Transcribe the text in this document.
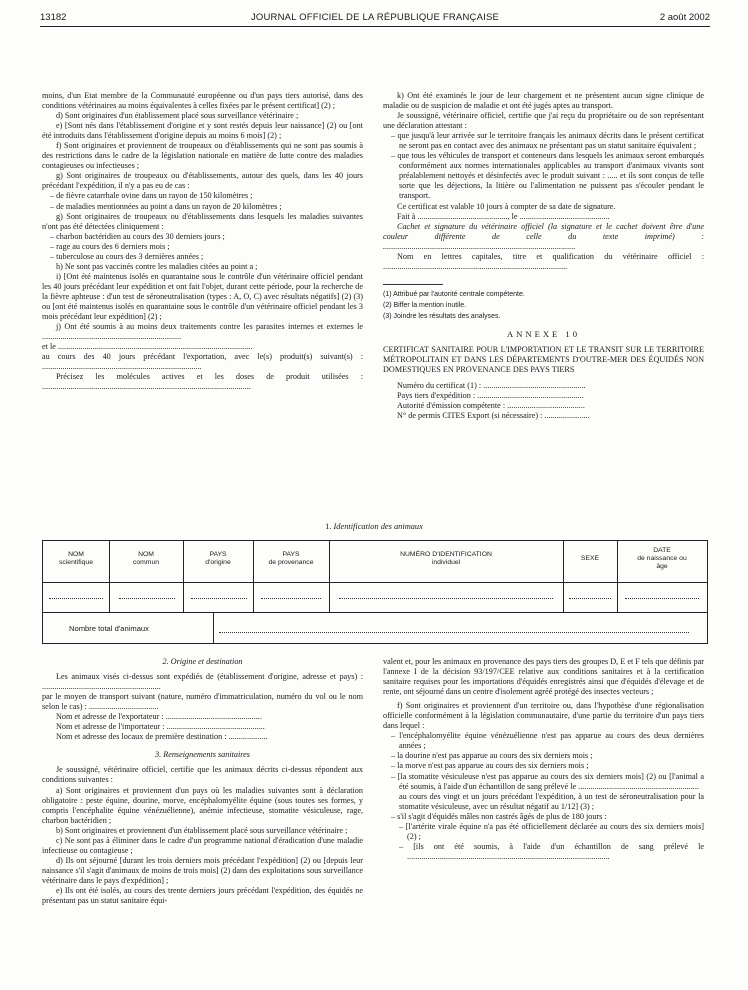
13182	JOURNAL OFFICIEL DE LA RÉPUBLIQUE FRANÇAISE	2 août 2002

moins, d'un Etat membre de la Communauté européenne ou d'un pays tiers autorisé, dans des conditions vétérinaires au moins équivalentes à celles fixées par le présent certificat] (2) ;

d) Sont originaires d'un établissement placé sous surveillance vétérinaire ;

e) [Sont nés dans l'établissement d'origine et y sont restés depuis leur naissance] (2) ou [ont été introduits dans l'établissement d'origine depuis au moins 6 mois] (2) ;

f) Sont originaires et proviennent de troupeaux ou d'établissements qui ne sont pas soumis à des restrictions dans le cadre de la législation nationale en matière de lutte contre des maladies contagieuses ou infectieuses ;

g) Sont originaires de troupeaux ou d'établissements, autour des quels, dans les 40 jours précédant l'expédition, il n'y a pas eu de cas :

– de fièvre catarrhale ovine dans un rayon de 150 kilomètres ;

– de maladies mentionnées au point a dans un rayon de 20 kilomètres ;

g) Sont originaires de troupeaux ou d'établissements dans lesquels les maladies suivantes n'ont pas été détectées cliniquement :

– charbon bactéridien au cours des 30 derniers jours ;

– rage au cours des 6 derniers mois ;

– tuberculose au cours des 3 dernières années ;

h) Ne sont pas vaccinés contre les maladies citées au point a ;

i) [Ont été maintenus isolés en quarantaine sous le contrôle d'un vétérinaire officiel pendant les 40 jours précédant leur expédition et ont fait l'objet, durant cette période, pour la recherche de la fièvre aphteuse : d'un test de séroneutralisation (types : A, O, C) avec résultats négatifs] (2) (3) ou [ont été maintenus isolés en quarantaine sous le contrôle d'un vétérinaire officiel pendant les 3 mois précédant leur expédition] (2) ;

j) Ont été soumis à au moins deux traitements contre les parasites internes et externes le ....................................................................

et le ...............................................................................................

au cours des 40 jours précédant l'exportation, avec le(s) produit(s) suivant(s) : ..............................................................................

Précisez les molécules actives et les doses de produit utilisées : ......................................................................................................

k) Ont été examinés le jour de leur chargement et ne présentent aucun signe clinique de maladie ou de suspicion de maladie et ont été jugés aptes au transport.

Je soussigné, vétérinaire officiel, certifie que j'ai reçu du propriétaire ou de son représentant une déclaration attestant :

– que jusqu'à leur arrivée sur le territoire français les animaux décrits dans le présent certificat ne seront pas en contact avec des animaux ne présentant pas un statut sanitaire équivalent ;

– que tous les véhicules de transport et conteneurs dans lesquels les animaux seront embarqués conformément aux normes internationales applicables au transport d'animaux vivants sont préalablement nettoyés et désinfectés avec le produit suivant : ..... et ils sont conçus de telle sorte que les déjections, la litière ou l'alimentation ne puissent pas s'écouler pendant le transport.

Ce certificat est valable 10 jours à compter de sa date de signature.

Fait à ............................................, le ............................................

Cachet et signature du vétérinaire officiel (la signature et le cachet doivent être d'une couleur différente de celle du texte imprimé) : ..............................................................................................

Nom en lettres capitales, titre et qualification du vétérinaire officiel : ..........................................................................................

(1) Attribué par l'autorité centrale compétente.

(2) Biffer la mention inutile.

(3) Joindre les résultats des analyses.

ANNEXE 10

CERTIFICAT SANITAIRE POUR L'IMPORTATION ET LE TRANSIT SUR LE TERRITOIRE MÉTROPOLITAIN ET DANS LES DÉPARTEMENTS D'OUTRE-MER DES ÉQUIDÉS NON DOMESTIQUES EN PROVENANCE DES PAYS TIERS

Numéro du certificat (1) : ..................................................

Pays tiers d'expédition : ....................................................

Autorité d'émission compétente : ......................................

N° de permis CITES Export (si nécessaire) : ......................

1. Identification des animaux
NOM
scientifique
NOM
commun
PAYS
d'origine
PAYS
de provenance
NUMÉRO D'IDENTIFICATION
individuel
SEXE
DATE
de naissance ou âge
Nombre total d'animaux

2. Origine et destination

Les animaux visés ci-dessus sont expédiés de (établissement d'origine, adresse et pays) : ..........................................................

par le moyen de transport suivant (nature, numéro d'immatriculation, numéro du vol ou le nom selon le cas) : ..................................

Nom et adresse de l'exportateur : ...............................................

Nom et adresse de l'importateur : ................................................

Nom et adresse des locaux de première destination : ...................

3. Renseignements sanitaires

Je soussigné, vétérinaire officiel, certifie que les animaux décrits ci-dessus répondent aux conditions suivantes :

a) Sont originaires et proviennent d'un pays où les maladies suivantes sont à déclaration obligatoire : peste équine, dourine, morve, encéphalomyélite équine (sous toutes ses formes, y compris l'encéphalite équine vénézuélienne), anémie infectieuse, stomatite vésiculeuse, rage, charbon bactéridien ;

b) Sont originaires et proviennent d'un établissement placé sous surveillance vétérinaire ;

c) Ne sont pas à éliminer dans le cadre d'un programme national d'éradication d'une maladie infectieuse ou contagieuse ;

d) Ils ont séjourné [durant les trois derniers mois précédant l'expédition] (2) ou [depuis leur naissance s'il s'agit d'animaux de moins de trois mois] (2) dans des exploitations sous surveillance vétérinaire dans le pays d'expédition] ;

e) Ils ont été isolés, au cours des trente derniers jours précédant l'expédition, des équidés ne présentant pas un statut sanitaire équi-

valent et, pour les animaux en provenance des pays tiers des groupes D, E et F tels que définis par l'annexe I de la décision 93/197/CEE relative aux conditions sanitaires et à la certification sanitaire requises pour les importations d'équidés enregistrés ainsi que d'équidés d'élevage et de rente, ont séjourné dans un centre d'isolement agréé protégé des insectes vecteurs ;

f) Sont originaires et proviennent d'un territoire ou, dans l'hypothèse d'une régionalisation officielle conformément à la législation communautaire, d'une partie du territoire d'un pays tiers dans lequel :

– l'encéphalomyélite équine vénézuélienne n'est pas apparue au cours des deux dernières années ;

– la dourine n'est pas apparue au cours des six derniers mois ;

– la morve n'est pas apparue au cours des six derniers mois ;

– [la stomatite vésiculeuse n'est pas apparue au cours des six derniers mois] (2) ou [l'animal a été soumis, à l'aide d'un échantillon de sang prélevé le ...........................................................

au cours des vingt et un jours précédant l'expédition, à un test de séroneutralisation pour la stomatite vésiculeuse, avec un résultat négatif au 1/12] (3) ;

– s'il s'agit d'équidés mâles non castrés âgés de plus de 180 jours :

– [l'artérite virale équine n'a pas été officiellement déclarée au cours des six derniers mois] (2) ;

– [ils ont été soumis, à l'aide d'un échantillon de sang prélevé le ...................................................................................................
